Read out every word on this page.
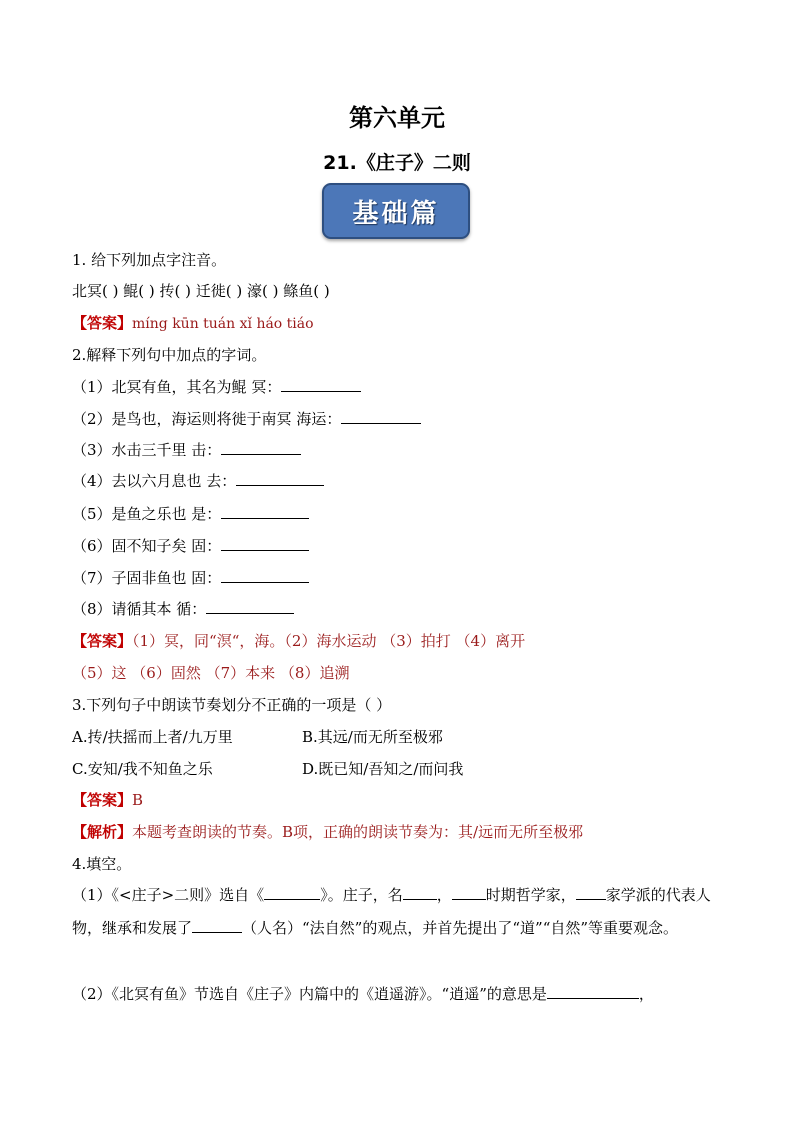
第六单元
21.《庄子》二则
基础篇
1. 给下列加点字注音。
北冥( ) 鲲( ) 抟( ) 迁徙( ) 濠( ) 鲦鱼( )
【答案】míng kūn tuán xǐ háo tiáo
2.解释下列句中加点的字词。
（1）北冥有鱼，其名为鲲 冥：
（2）是鸟也，海运则将徙于南冥 海运：
（3）水击三千里 击：
（4）去以六月息也 去：
（5）是鱼之乐也 是：
（6）固不知子矣 固：
（7）子固非鱼也 固：
（8）请循其本 循：
【答案】（1）冥，同“溟“，海。（2）海水运动 （3）拍打 （4）离开
（5）这 （6）固然 （7）本来 （8）追溯
3.下列句子中朗读节奏划分不正确的一项是（ ）
A.抟/扶摇而上者/九万里	B.其远/而无所至极邪
C.安知/我不知鱼之乐	D.既已知/吾知之/而问我
【答案】B
【解析】本题考查朗读的节奏。B项，正确的朗读节奏为：其/远而无所至极邪
4.填空。
（1）《<庄子>二则》选自《	》。庄子，名 ， 时期哲学家， 家学派的代表人物，继承和发展了	（人名）“法自然”的观点，并首先提出了“道”“自然”等重要观念。
（2）《北冥有鱼》节选自《庄子》内篇中的《逍遥游》。“逍遥”的意思是	，
